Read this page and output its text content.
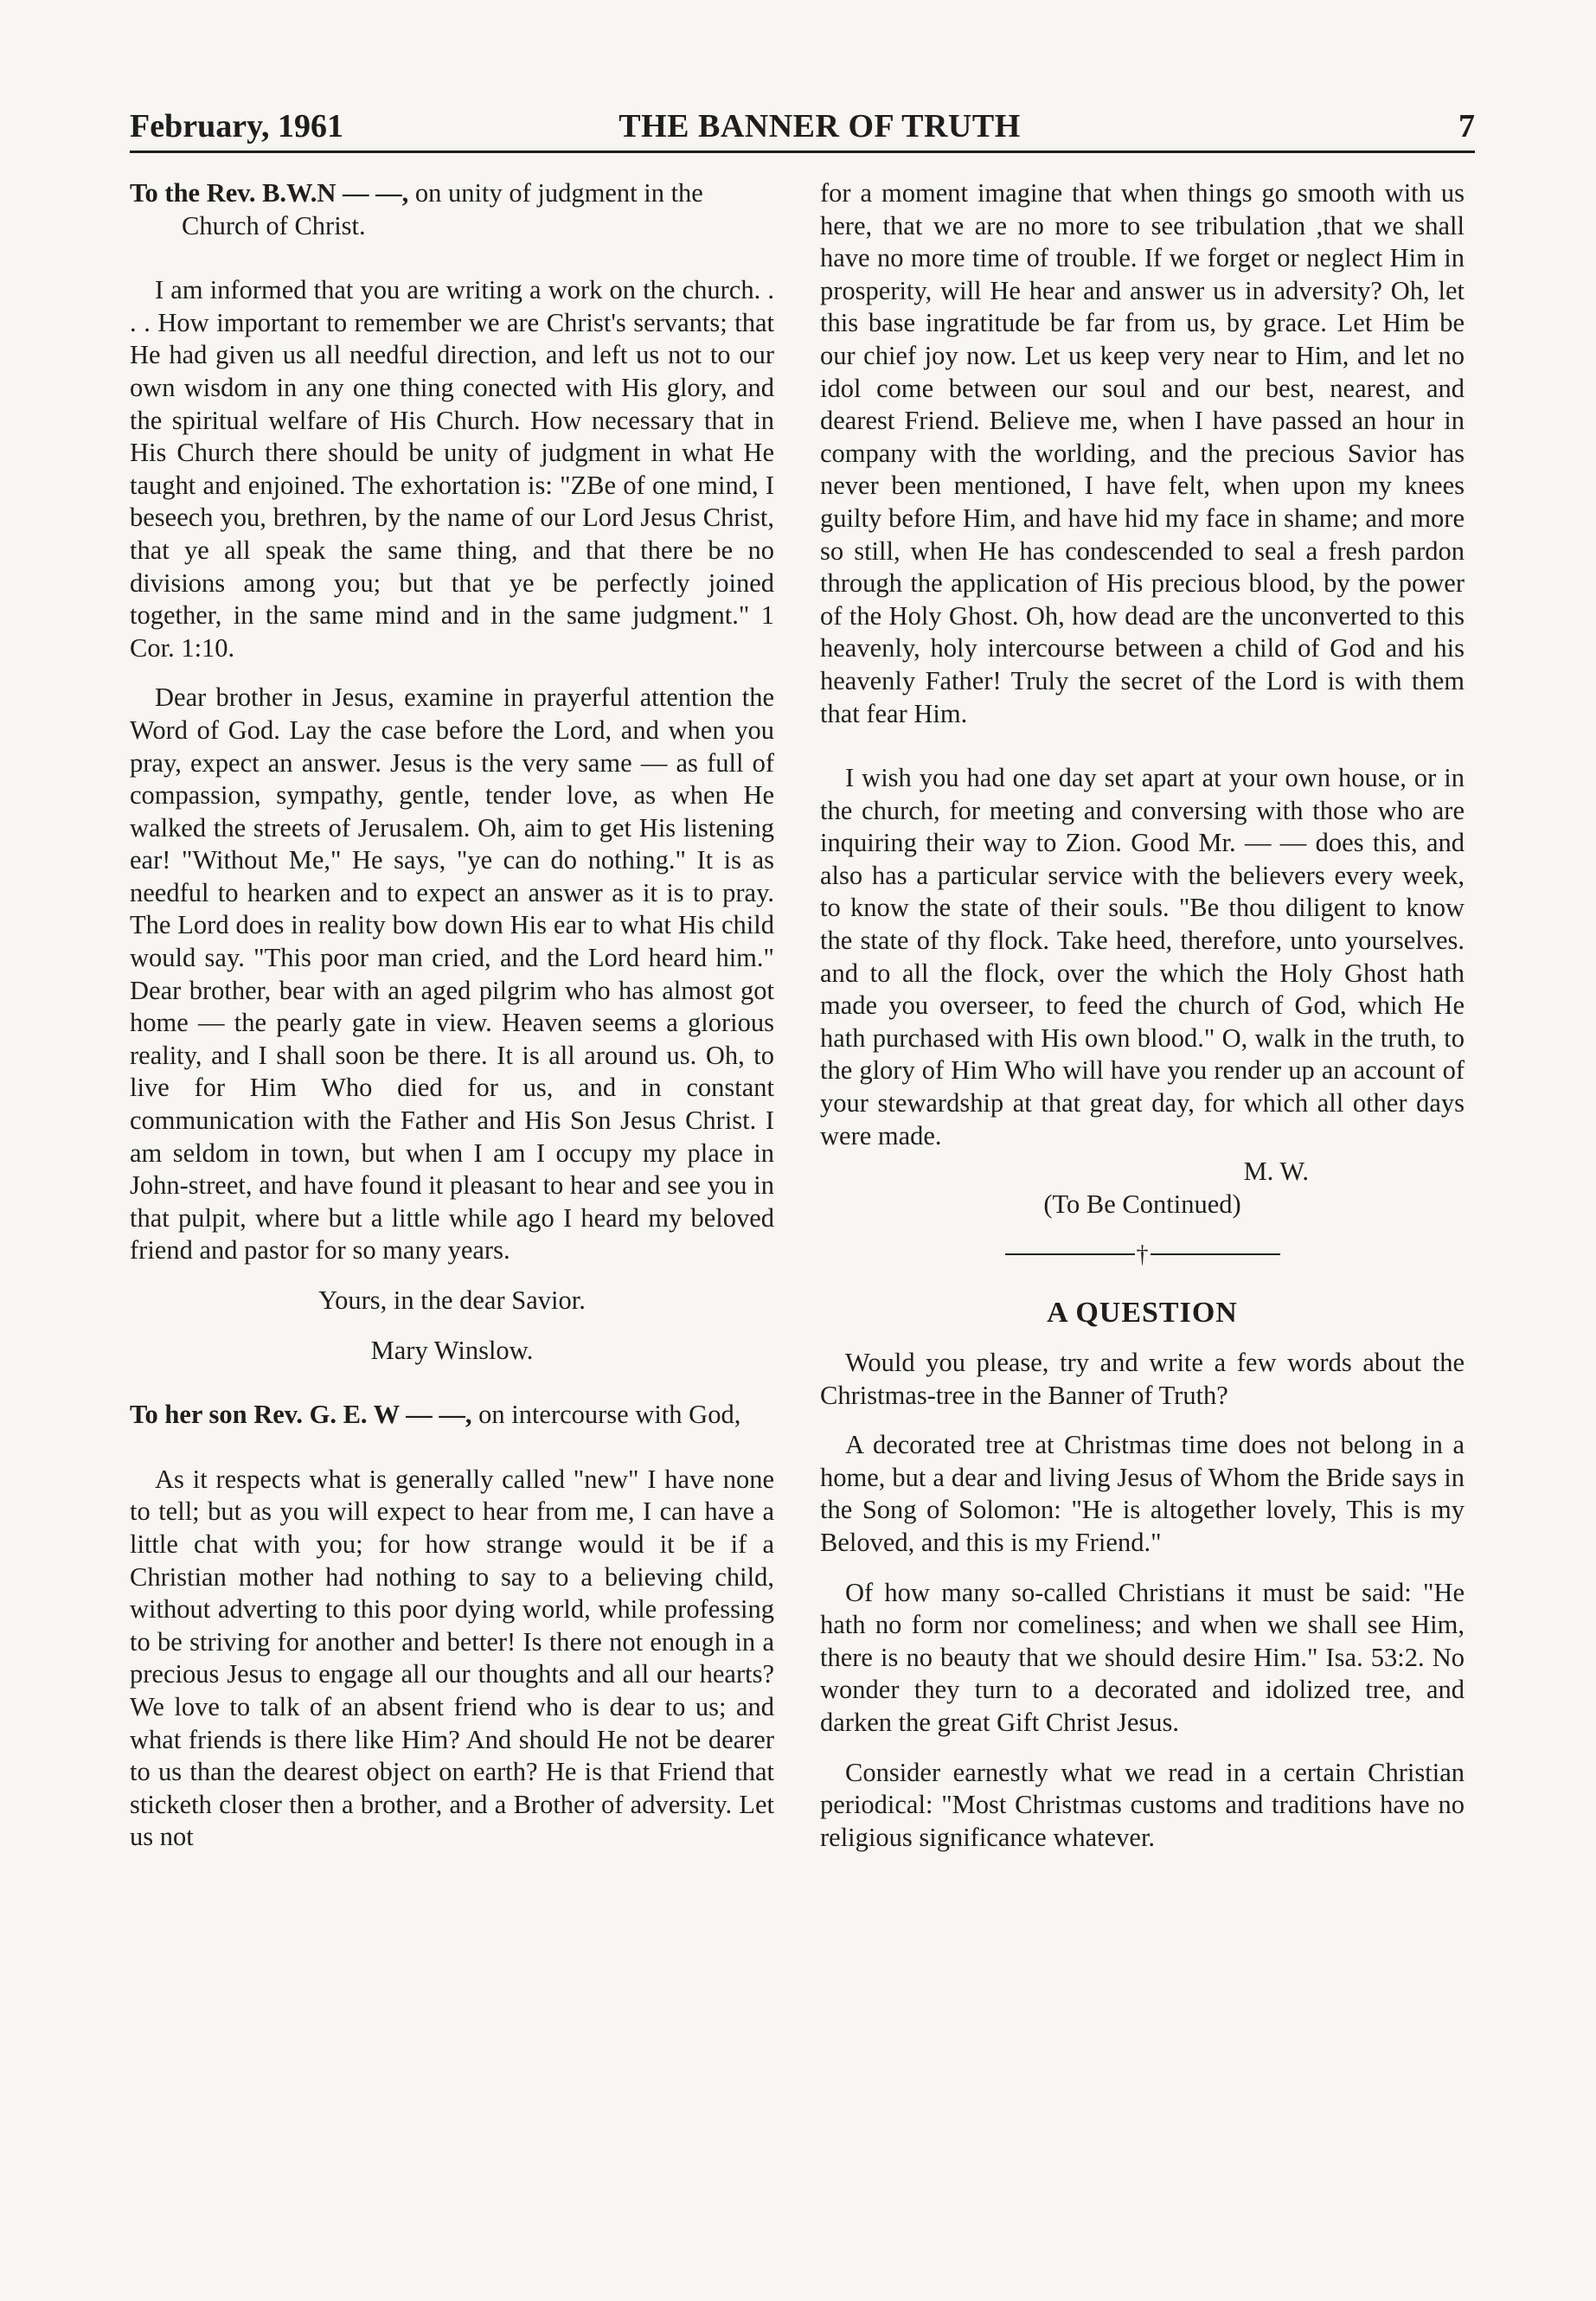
February, 1961	THE BANNER OF TRUTH	7

To the Rev. B.W.N — —, on unity of judgment in the Church of Christ.

I am informed that you are writing a work on the church. . . . How important to remember we are Christ's servants; that He had given us all needful direction, and left us not to our own wisdom in any one thing conected with His glory, and the spiritual welfare of His Church. How necessary that in His Church there should be unity of judgment in what He taught and enjoined. The exhortation is: "ZBe of one mind, I beseech you, brethren, by the name of our Lord Jesus Christ, that ye all speak the same thing, and that there be no divisions among you; but that ye be perfectly joined together, in the same mind and in the same judgment." 1 Cor. 1:10.

Dear brother in Jesus, examine in prayerful attention the Word of God. Lay the case before the Lord, and when you pray, expect an answer. Jesus is the very same — as full of compassion, sympathy, gentle, tender love, as when He walked the streets of Jerusalem. Oh, aim to get His listening ear! "Without Me," He says, "ye can do nothing." It is as needful to hearken and to expect an answer as it is to pray. The Lord does in reality bow down His ear to what His child would say. "This poor man cried, and the Lord heard him." Dear brother, bear with an aged pilgrim who has almost got home — the pearly gate in view. Heaven seems a glorious reality, and I shall soon be there. It is all around us. Oh, to live for Him Who died for us, and in constant communication with the Father and His Son Jesus Christ. I am seldom in town, but when I am I occupy my place in John-street, and have found it pleasant to hear and see you in that pulpit, where but a little while ago I heard my beloved friend and pastor for so many years.

Yours, in the dear Savior.

Mary Winslow.

To her son Rev. G. E. W — —, on intercourse with God,

As it respects what is generally called "new" I have none to tell; but as you will expect to hear from me, I can have a little chat with you; for how strange would it be if a Christian mother had nothing to say to a believing child, without adverting to this poor dying world, while professing to be striving for another and better! Is there not enough in a precious Jesus to engage all our thoughts and all our hearts? We love to talk of an absent friend who is dear to us; and what friends is there like Him? And should He not be dearer to us than the dearest object on earth? He is that Friend that sticketh closer then a brother, and a Brother of adversity. Let us not

for a moment imagine that when things go smooth with us here, that we are no more to see tribulation ,that we shall have no more time of trouble. If we forget or neglect Him in prosperity, will He hear and answer us in adversity? Oh, let this base ingratitude be far from us, by grace. Let Him be our chief joy now. Let us keep very near to Him, and let no idol come between our soul and our best, nearest, and dearest Friend. Believe me, when I have passed an hour in company with the worlding, and the precious Savior has never been mentioned, I have felt, when upon my knees guilty before Him, and have hid my face in shame; and more so still, when He has condescended to seal a fresh pardon through the application of His precious blood, by the power of the Holy Ghost. Oh, how dead are the unconverted to this heavenly, holy intercourse between a child of God and his heavenly Father! Truly the secret of the Lord is with them that fear Him.

I wish you had one day set apart at your own house, or in the church, for meeting and conversing with those who are inquiring their way to Zion. Good Mr. — — does this, and also has a particular service with the believers every week, to know the state of their souls. "Be thou diligent to know the state of thy flock. Take heed, therefore, unto yourselves. and to all the flock, over the which the Holy Ghost hath made you overseer, to feed the church of God, which He hath purchased with His own blood." O, walk in the truth, to the glory of Him Who will have you render up an account of your stewardship at that great day, for which all other days were made.

M. W.

(To Be Continued)

†

A QUESTION

Would you please, try and write a few words about the Christmas-tree in the Banner of Truth?

A decorated tree at Christmas time does not belong in a home, but a dear and living Jesus of Whom the Bride says in the Song of Solomon: "He is altogether lovely, This is my Beloved, and this is my Friend."

Of how many so-called Christians it must be said: "He hath no form nor comeliness; and when we shall see Him, there is no beauty that we should desire Him." Isa. 53:2. No wonder they turn to a decorated and idolized tree, and darken the great Gift Christ Jesus.

Consider earnestly what we read in a certain Christian periodical: "Most Christmas customs and traditions have no religious significance whatever.
